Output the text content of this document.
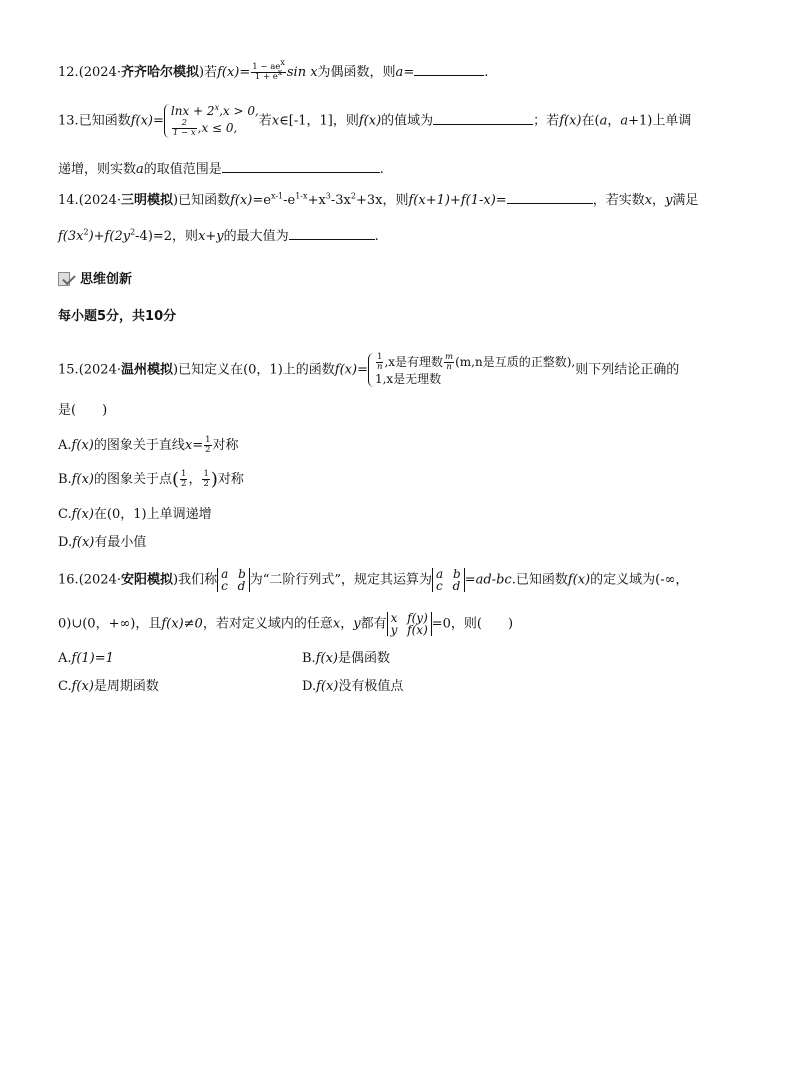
12.(2024·齐齐哈尔模拟)若$f(x)= \frac{1 - ae^x}{1 + e^x}$ sin x为偶函数，则a=	.
13.已知函数f(x)=
$\ln x + 2^x,x > 0$,
$\frac{2}{1 - x} ,x \le 0$,	若x∈[-1，1]，则f(x)的值域为	；若f(x)在(a，a+1)上单调
递增，则实数a的取值范围是	.
14.(2024·三明模拟)已知函数$f(x)=e^{x-1}-e^{1-x}+x^3-3x^2+3x$，则f(x+1)+f(1-x)=	，若实数x，y满足
$f(3x^2)+f(2y^2-4)=2$，则x+y的最大值为	.
思维创新
每小题5分，共10分
15.(2024·温州模拟)已知定义在(0，1)上的函数$f(x)= \frac{1}{n} ,x$是有理数 $\frac{m}{n} (m,n$是互质的正整数),
1,x是无理数
则下列结论正确的
是(　　)
A.f(x)的图象关于直线$x= \frac{1}{2}$ 对称
B.f(x)的图象关于点( $\frac{1}{2}$ ， $\frac{1}{2}$ )对称
C.f(x)在(0，1)上单调递增
D.f(x)有最小值
16.(2024·安阳模拟)我们称 a b
c d 为“二阶行列式”，规定其运算为 a b
c d =ad-bc.已知函数f(x)的定义域为(-∞，
0)∪(0，+∞)，且f(x)≠0，若对定义域内的任意x，y都有 x f(y)
y f(x) =0，则(　　)
A.f(1)=1	B.f(x)是偶函数
C.f(x)是周期函数	D.f(x)没有极值点
